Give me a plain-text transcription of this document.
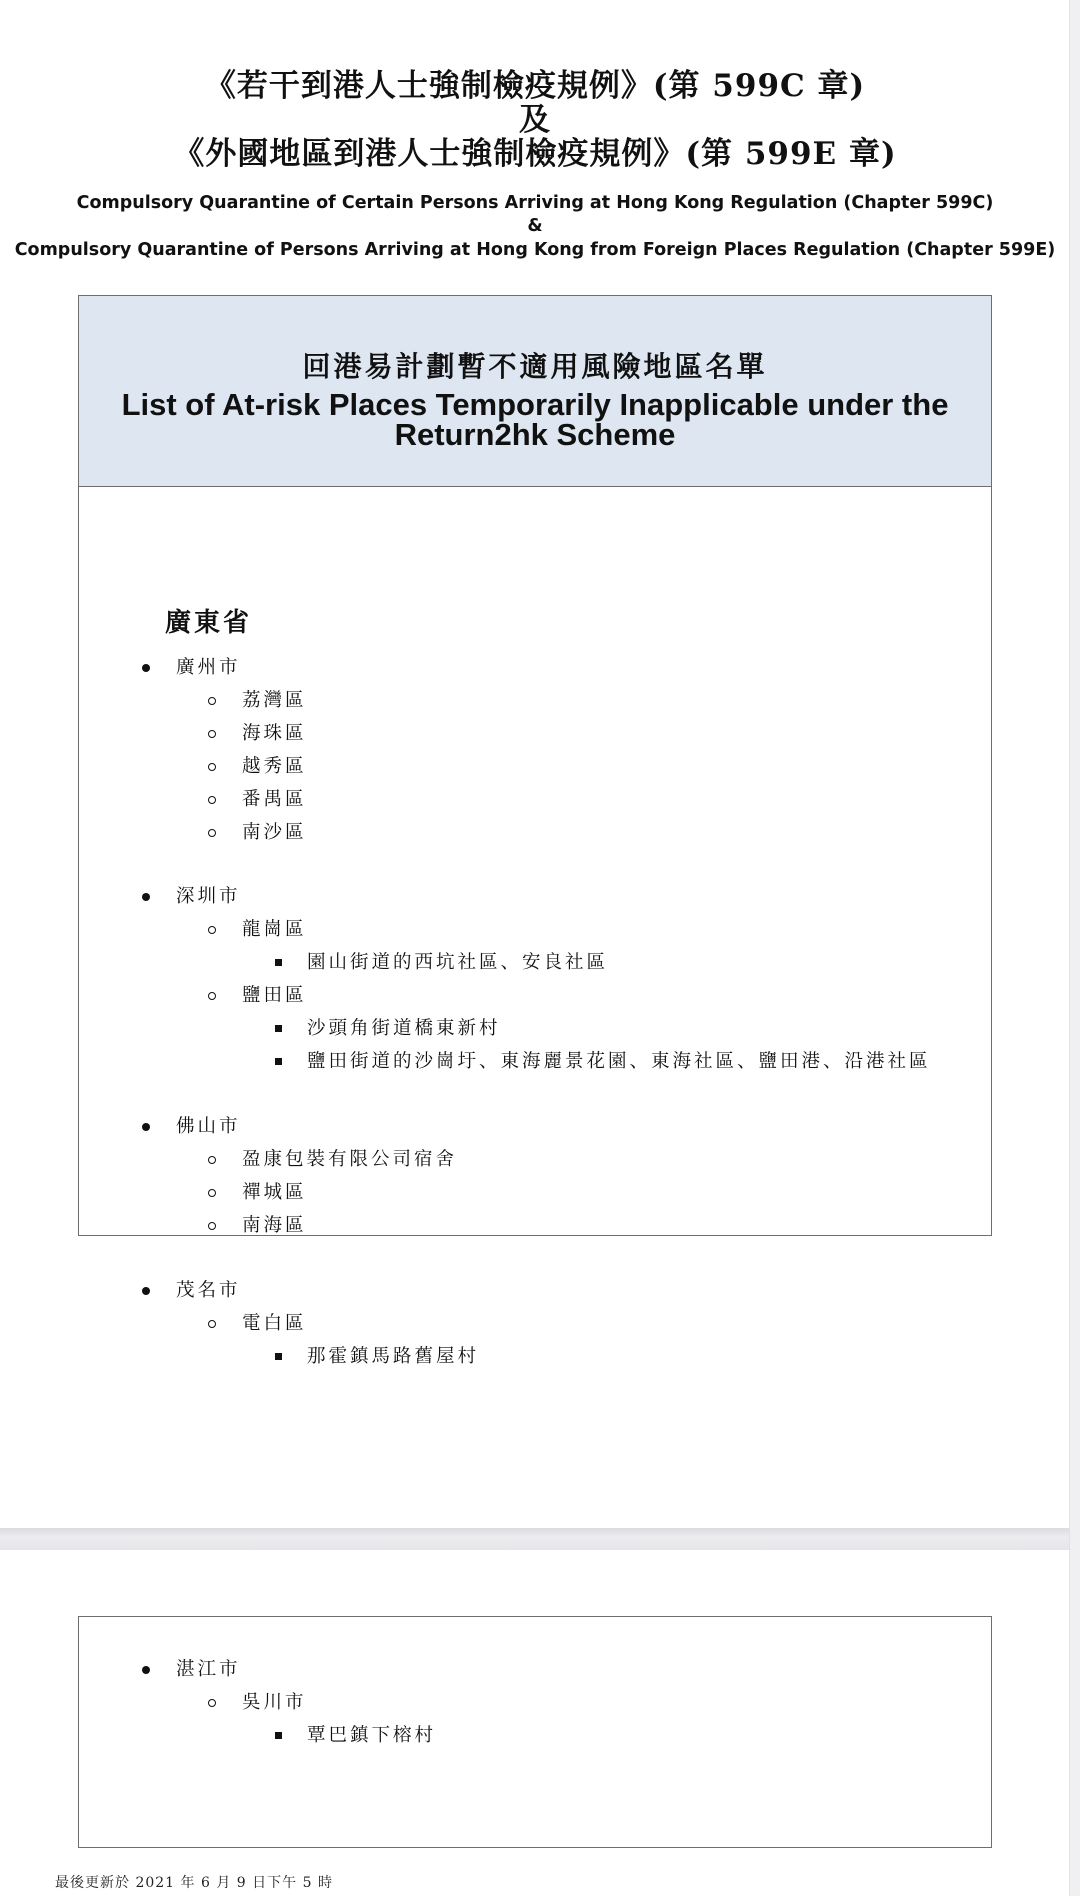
《若干到港人士強制檢疫規例》(第 599C 章)
及
《外國地區到港人士強制檢疫規例》(第 599E 章)
Compulsory Quarantine of Certain Persons Arriving at Hong Kong Regulation (Chapter 599C)
&
Compulsory Quarantine of Persons Arriving at Hong Kong from Foreign Places Regulation (Chapter 599E)
回港易計劃暫不適用風險地區名單
List of At-risk Places Temporarily Inapplicable under the
Return2hk Scheme
廣東省
廣州市
荔灣區
海珠區
越秀區
番禺區
南沙區
深圳市
龍崗區
園山街道的西坑社區、安良社區
鹽田區
沙頭角街道橋東新村
鹽田街道的沙崗圩、東海麗景花園、東海社區、鹽田港、沿港社區
佛山市
盈康包裝有限公司宿舍
禪城區
南海區
茂名市
電白區
那霍鎮馬路舊屋村
湛江市
吳川市
覃巴鎮下榕村
最後更新於 2021 年 6 月 9 日下午 5 時
